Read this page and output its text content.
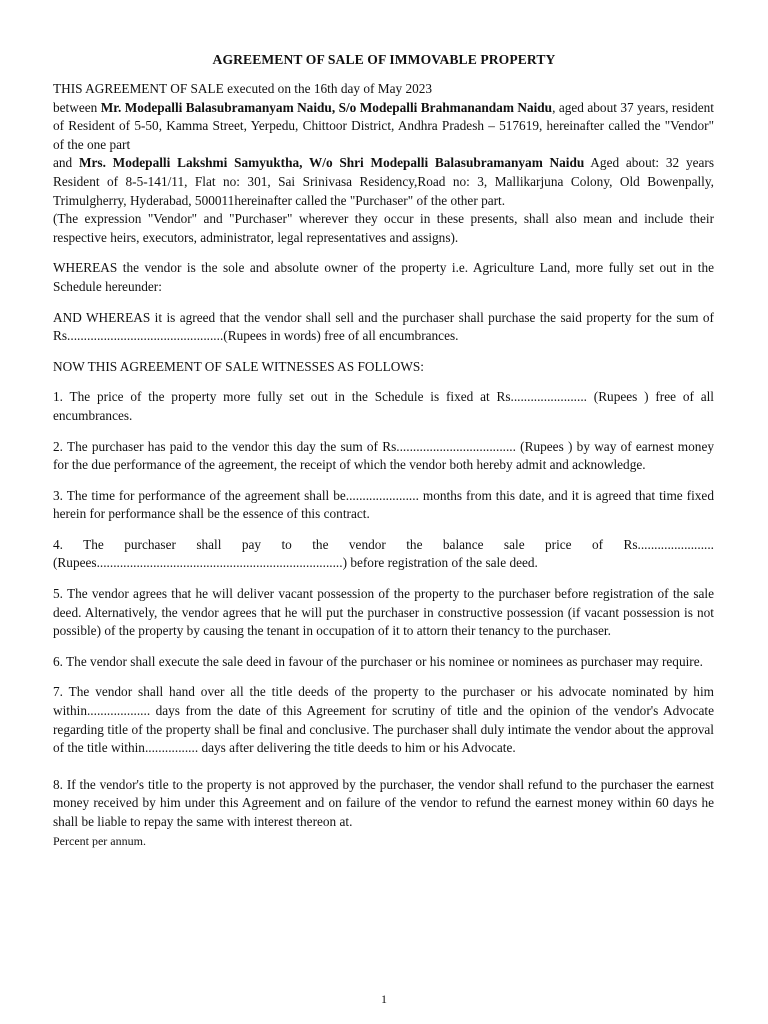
AGREEMENT OF SALE OF IMMOVABLE PROPERTY

THIS AGREEMENT OF SALE executed on the 16th day of May 2023

between Mr. Modepalli Balasubramanyam Naidu, S/o Modepalli Brahmanandam Naidu, aged about 37 years, resident of Resident of 5-50, Kamma Street, Yerpedu, Chittoor District, Andhra Pradesh – 517619, hereinafter called the "Vendor" of the one part

and Mrs. Modepalli Lakshmi Samyuktha, W/o Shri Modepalli Balasubramanyam Naidu Aged about: 32 years Resident of 8-5-141/11, Flat no: 301, Sai Srinivasa Residency,Road no: 3, Mallikarjuna Colony, Old Bowenpally, Trimulgherry, Hyderabad, 500011hereinafter called the "Purchaser" of the other part.

(The expression "Vendor" and "Purchaser" wherever they occur in these presents, shall also mean and include their respective heirs, executors, administrator, legal representatives and assigns).

WHEREAS the vendor is the sole and absolute owner of the property i.e. Agriculture Land, more fully set out in the Schedule hereunder:

AND WHEREAS it is agreed that the vendor shall sell and the purchaser shall purchase the said property for the sum of Rs...............................................(Rupees in words) free of all encumbrances.

NOW THIS AGREEMENT OF SALE WITNESSES AS FOLLOWS:

1. The price of the property more fully set out in the Schedule is fixed at Rs....................... (Rupees ) free of all encumbrances.

2. The purchaser has paid to the vendor this day the sum of Rs.................................... (Rupees ) by way of earnest money for the due performance of the agreement, the receipt of which the vendor both hereby admit and acknowledge.

3. The time for performance of the agreement shall be...................... months from this date, and it is agreed that time fixed herein for performance shall be the essence of this contract.

4. The purchaser shall pay to the vendor the balance sale price of Rs....................... (Rupees..........................................................................) before registration of the sale deed.

5. The vendor agrees that he will deliver vacant possession of the property to the purchaser before registration of the sale deed. Alternatively, the vendor agrees that he will put the purchaser in constructive possession (if vacant possession is not possible) of the property by causing the tenant in occupation of it to attorn their tenancy to the purchaser.

6. The vendor shall execute the sale deed in favour of the purchaser or his nominee or nominees as purchaser may require.

7. The vendor shall hand over all the title deeds of the property to the purchaser or his advocate nominated by him within................... days from the date of this Agreement for scrutiny of title and the opinion of the vendor's Advocate regarding title of the property shall be final and conclusive. The purchaser shall duly intimate the vendor about the approval of the title within................ days after delivering the title deeds to him or his Advocate.

8. If the vendor's title to the property is not approved by the purchaser, the vendor shall refund to the purchaser the earnest money received by him under this Agreement and on failure of the vendor to refund the earnest money within 60 days he shall be liable to repay the same with interest thereon at.

Percent per annum.

1
